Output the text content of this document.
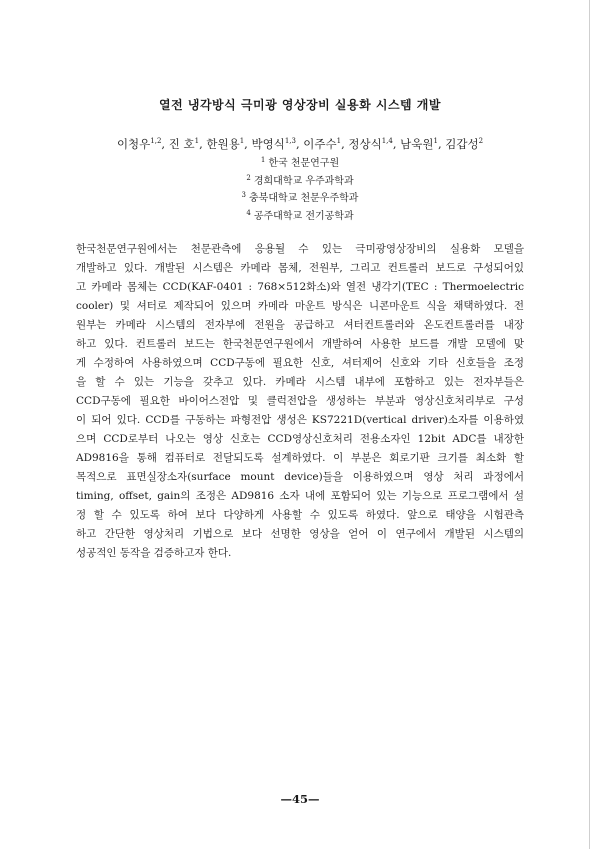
열전 냉각방식 극미광 영상장비 실용화 시스템 개발
이청우$^{1,2}$, 진 호$^1$, 한원용$^1$, 박영식$^{1,3}$, 이주수$^1$, 정상식$^{1,4}$, 남욱원$^1$, 김갑성$^2$
$^1$ 한국 천문연구원
$^2$ 경희대학교 우주과학과
$^3$ 충북대학교 천문우주학과
$^4$ 공주대학교 전기공학과
한국천문연구원에서는 천문관측에 응용될 수 있는 극미광영상장비의 실용화 모델을
개발하고 있다. 개발된 시스템은 카메라 몸체, 전원부, 그리고 컨트롤러 보드로 구성되어있
고 카메라 몸체는 CCD(KAF-0401 : 768×512화소)와 열전 냉각기(TEC : Thermoelectric
cooler) 및 셔터로 제작되어 있으며 카메라 마운트 방식은 니콘마운트 식을 채택하였다. 전
원부는 카메라 시스템의 전자부에 전원을 공급하고 셔터컨트롤러와 온도컨트롤러를 내장
하고 있다. 컨트롤러 보드는 한국천문연구원에서 개발하여 사용한 보드를 개발 모델에 맞
게 수정하여 사용하였으며 CCD구동에 필요한 신호, 셔터제어 신호와 기타 신호들을 조정
을 할 수 있는 기능을 갖추고 있다. 카메라 시스템 내부에 포함하고 있는 전자부들은
CCD구동에 필요한 바이어스전압 및 클럭전압을 생성하는 부분과 영상신호처리부로 구성
이 되어 있다. CCD를 구동하는 파형전압 생성은 KS7221D(vertical driver)소자를 이용하였
으며 CCD로부터 나오는 영상 신호는 CCD영상신호처리 전용소자인 12bit ADC를 내장한
AD9816을 통해 컴퓨터로 전달되도록 설계하였다. 이 부분은 회로기판 크기를 최소화 할
목적으로 표면실장소자(surface mount device)들을 이용하였으며 영상 처리 과정에서
timing, offset, gain의 조정은 AD9816 소자 내에 포함되어 있는 기능으로 프로그램에서 설
정 할 수 있도록 하여 보다 다양하게 사용할 수 있도록 하였다. 앞으로 태양을 시험관측
하고 간단한 영상처리 기법으로 보다 선명한 영상을 얻어 이 연구에서 개발된 시스템의
성공적인 동작을 검증하고자 한다.
—45—
